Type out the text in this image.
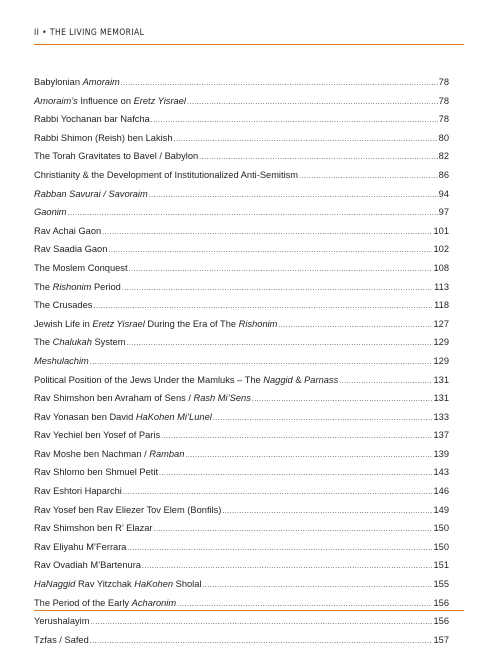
II • THE LIVING MEMORIAL
Babylonian Amoraim .....	78
Amoraim’s Influence on Eretz Yisrael .....	78
Rabbi Yochanan bar Nafcha .....	78
Rabbi Shimon (Reish) ben Lakish .....	80
The Torah Gravitates to Bavel / Babylon .....	82
Christianity & the Development of Institutionalized Anti-Semitism .....	86
Rabban Savurai / Savoraim .....	94
Gaonim .....	97
Rav Achai Gaon .....	101
Rav Saadia Gaon .....	102
The Moslem Conquest .....	108
The Rishonim Period .....	113
The Crusades .....	118
Jewish Life in Eretz Yisrael During the Era of The Rishonim .....	127
The Chalukah System .....	129
Meshulachim .....	129
Political Position of the Jews Under the Mamluks – The Naggid & Parnass .....	131
Rav Shimshon ben Avraham of Sens / Rash Mi’Sens .....	131
Rav Yonasan ben David HaKohen Mi’Lunel .....	133
Rav Yechiel ben Yosef of Paris .....	137
Rav Moshe ben Nachman / Ramban .....	139
Rav Shlomo ben Shmuel Petit .....	143
Rav Eshtori Haparchi .....	146
Rav Yosef ben Rav Eliezer Tov Elem (Bonfils) .....	149
Rav Shimshon ben R’ Elazar .....	150
Rav Eliyahu M’Ferrara .....	150
Rav Ovadiah M’Bartenura .....	151
HaNaggid Rav Yitzchak HaKohen Sholal .....	155
The Period of the Early Acharonim .....	156
Yerushalayim .....	156
Tzfas / Safed .....	157
